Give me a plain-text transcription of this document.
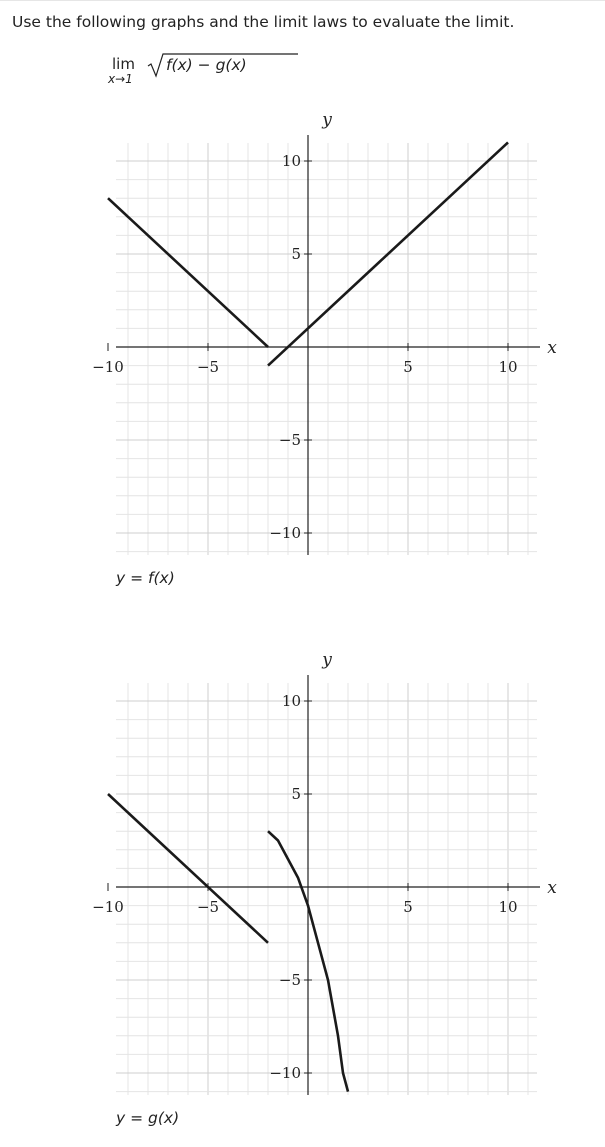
Use the following graphs and the limit laws to evaluate the limit.
lim
x→1
f(x) − g(x)
−10	−5	5	10
10
5
−5
−10
x
y
y = f(x)
−10	−5	5	10
10
5
−5
−10
x
y
y = g(x)
